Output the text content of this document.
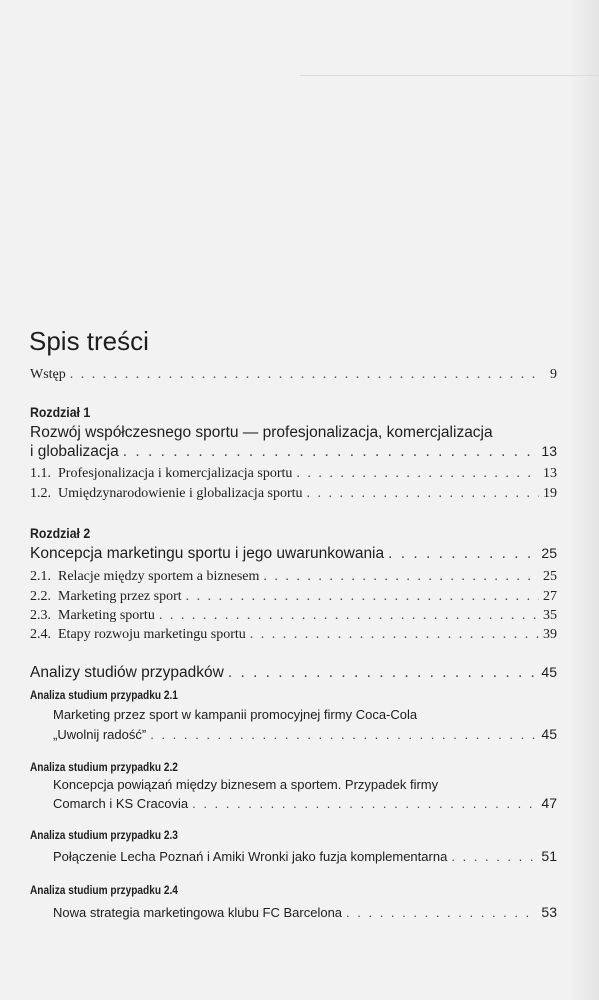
Spis treści
Wstęp . . .	9
Rozdział 1
Rozwój współczesnego sportu — profesjonalizacja, komercjalizacja
i globalizacja . . .	13
1.1. Profesjonalizacja i komercjalizacja sportu . . .	13
1.2. Umiędzynarodowienie i globalizacja sportu . . .	19
Rozdział 2
Koncepcja marketingu sportu i jego uwarunkowania . . .	25
2.1. Relacje między sportem a biznesem . . .	25
2.2. Marketing przez sport . . .	27
2.3. Marketing sportu . . .	35
2.4. Etapy rozwoju marketingu sportu . . .	39
Analizy studiów przypadków . . .	45
Analiza studium przypadku 2.1
Marketing przez sport w kampanii promocyjnej firmy Coca-Cola
„Uwolnij radość” . . .	45
Analiza studium przypadku 2.2
Koncepcja powiązań między biznesem a sportem. Przypadek firmy
Comarch i KS Cracovia . . .	47
Analiza studium przypadku 2.3
Połączenie Lecha Poznań i Amiki Wronki jako fuzja komplementarna . . .	51
Analiza studium przypadku 2.4
Nowa strategia marketingowa klubu FC Barcelona . . .	53
